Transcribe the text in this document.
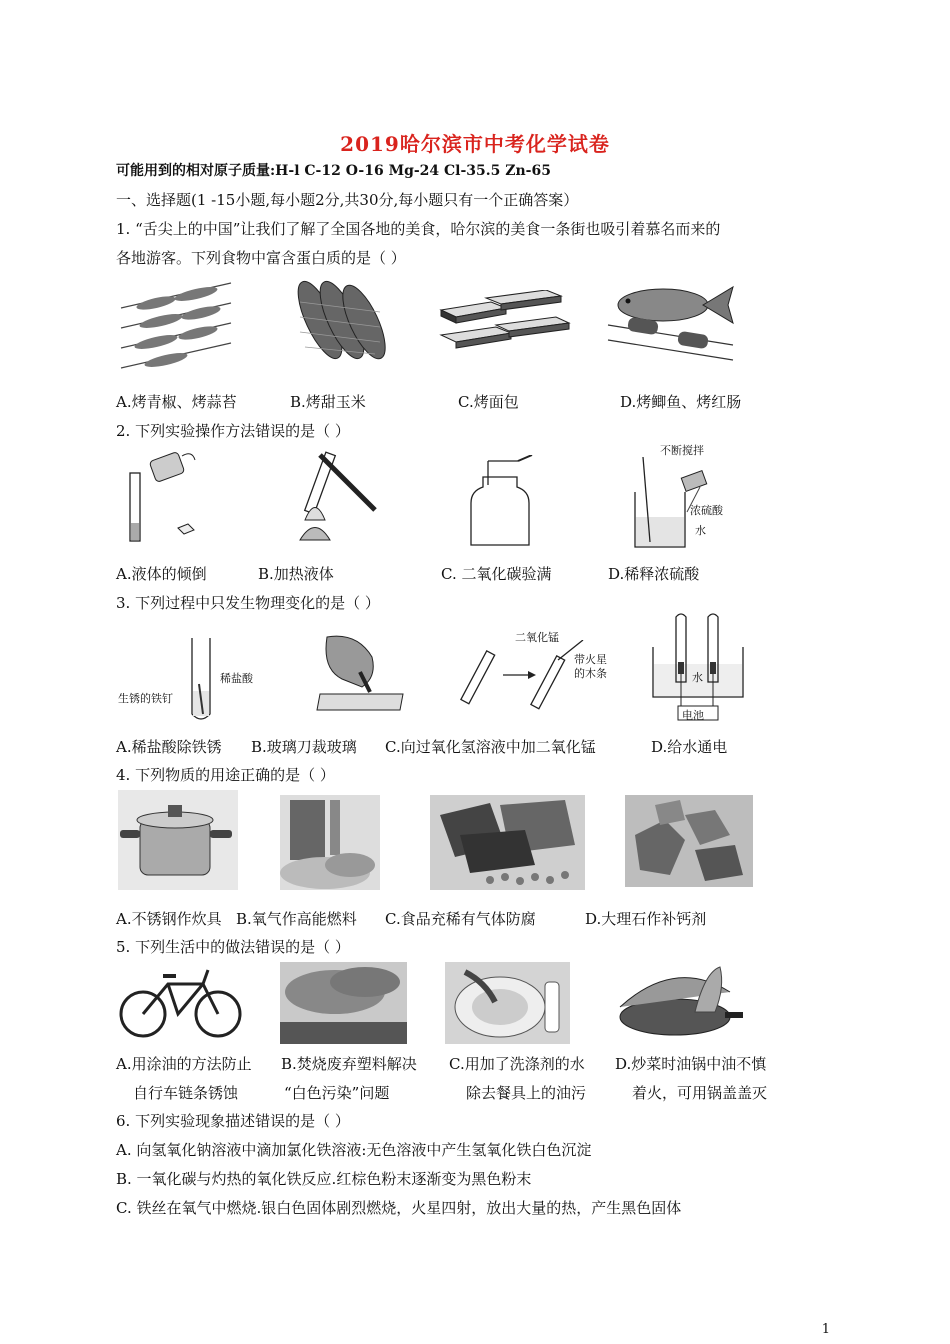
2019哈尔滨市中考化学试卷
可能用到的相对原子质量:H-l C-12 O-16 Mg-24 Cl-35.5 Zn-65
一、选择题(1 -15小题,每小题2分,共30分,每小题只有一个正确答案）
1. “舌尖上的中国”让我们了解了全国各地的美食，哈尔滨的美食一条街也吸引着慕名而来的
各地游客。下列食物中富含蛋白质的是（ ）
A.烤青椒、烤蒜苔	B.烤甜玉米	C.烤面包	D.烤鲫鱼、烤红肠
2. 下列实验操作方法错误的是（ ）
不断搅拌
浓硫酸
水
A.液体的倾倒	B.加热液体	C. 二氧化碳验满	D.稀释浓硫酸
3. 下列过程中只发生物理变化的是（ ）
稀盐酸
生锈的铁钉
二氧化锰
带火星
的木条	水
电池
A.稀盐酸除铁锈 B.玻璃刀裁玻璃 C.向过氧化氢溶液中加二氧化锰	D.给水通电
4. 下列物质的用途正确的是（ ）
A.不锈钢作炊具 B.氧气作高能燃料 C.食品充稀有气体防腐	D.大理石作补钙剂
5. 下列生活中的做法错误的是（ ）
A.用涂油的方法防止 B.焚烧废弃塑料解决 C.用加了洗涤剂的水 D.炒菜时油锅中油不慎
自行车链条锈蚀	“白色污染”问题	除去餐具上的油污	着火，可用锅盖盖灭
6. 下列实验现象描述错误的是（ ）
A. 向氢氧化钠溶液中滴加氯化铁溶液:无色溶液中产生氢氧化铁白色沉淀
B. 一氧化碳与灼热的氧化铁反应.红棕色粉末逐渐变为黑色粉末
C. 铁丝在氧气中燃烧.银白色固体剧烈燃烧，火星四射，放出大量的热，产生黑色固体
1
